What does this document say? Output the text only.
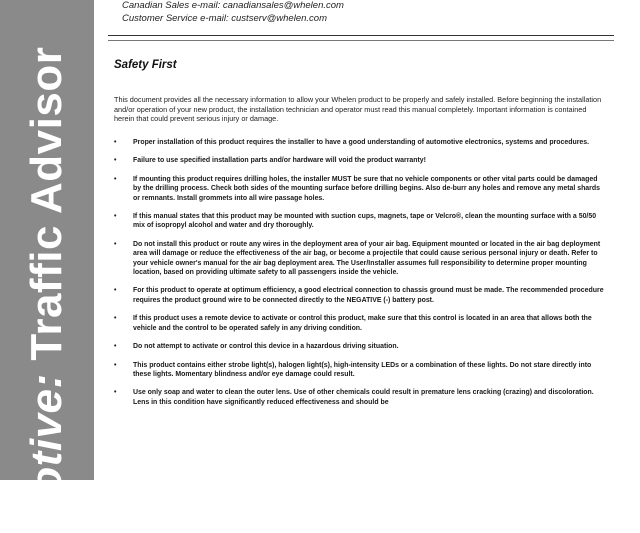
motive: Traffic Advisor
Canadian Sales e-mail: canadiansales@whelen.com
Customer Service e-mail: custserv@whelen.com
Safety First

This document provides all the necessary information to allow your Whelen product to be properly and safely installed. Before beginning the installation and/or operation of your new product, the installation technician and operator must read this manual completely. Important information is contained herein that could prevent serious injury or damage.

• Proper installation of this product requires the installer to have a good understanding of automotive electronics, systems and procedures.
• Failure to use specified installation parts and/or hardware will void the product warranty!
• If mounting this product requires drilling holes, the installer MUST be sure that no vehicle components or other vital parts could be damaged by the drilling process. Check both sides of the mounting surface before drilling begins. Also de-burr any holes and remove any metal shards or remnants. Install grommets into all wire passage holes.
• If this manual states that this product may be mounted with suction cups, magnets, tape or Velcro®, clean the mounting surface with a 50/50 mix of isopropyl alcohol and water and dry thoroughly.
• Do not install this product or route any wires in the deployment area of your air bag. Equipment mounted or located in the air bag deployment area will damage or reduce the effectiveness of the air bag, or become a projectile that could cause serious personal injury or death. Refer to your vehicle owner's manual for the air bag deployment area. The User/Installer assumes full responsibility to determine proper mounting location, based on providing ultimate safety to all passengers inside the vehicle.
• For this product to operate at optimum efficiency, a good electrical connection to chassis ground must be made. The recommended procedure requires the product ground wire to be connected directly to the NEGATIVE (-) battery post.
• If this product uses a remote device to activate or control this product, make sure that this control is located in an area that allows both the vehicle and the control to be operated safely in any driving condition.
• Do not attempt to activate or control this device in a hazardous driving situation.
• This product contains either strobe light(s), halogen light(s), high-intensity LEDs or a combination of these lights. Do not stare directly into these lights. Momentary blindness and/or eye damage could result.
• Use only soap and water to clean the outer lens. Use of other chemicals could result in premature lens cracking (crazing) and discoloration. Lens in this condition have significantly reduced effectiveness and should be
